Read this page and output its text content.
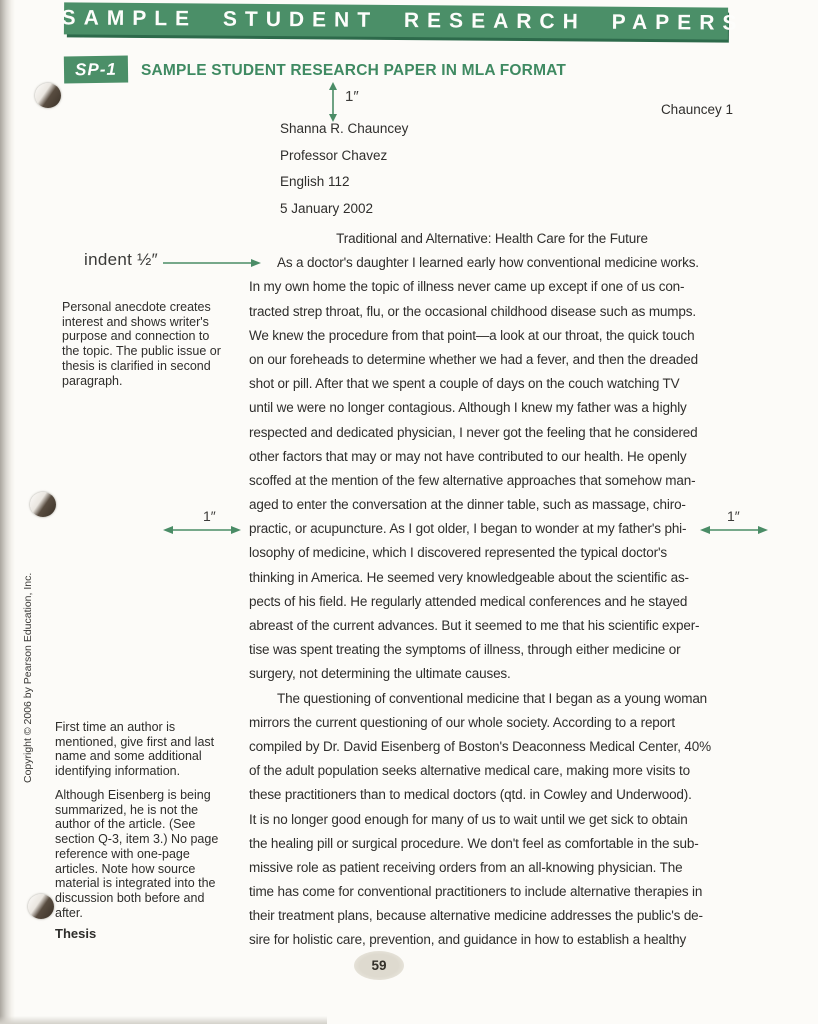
SAMPLE STUDENT RESEARCH PAPERS
SP-1	SAMPLE STUDENT RESEARCH PAPER IN MLA FORMAT
1″
Chauncey 1
Shanna R. Chauncey
Professor Chavez
English 112
5 January 2002
indent ½″
Personal anecdote creates interest and shows writer's purpose and connection to the topic. The public issue or thesis is clarified in second paragraph.
1″	1″
First time an author is mentioned, give first and last name and some additional identifying information.
Although Eisenberg is being summarized, he is not the author of the article. (See section Q-3, item 3.) No page reference with one-page articles. Note how source material is integrated into the discussion both before and after.
Thesis
Copyright © 2006 by Pearson Education, Inc.
Traditional and Alternative: Health Care for the Future
As a doctor's daughter I learned early how conventional medicine works.
In my own home the topic of illness never came up except if one of us con-
tracted strep throat, flu, or the occasional childhood disease such as mumps.
We knew the procedure from that point—a look at our throat, the quick touch
on our foreheads to determine whether we had a fever, and then the dreaded
shot or pill. After that we spent a couple of days on the couch watching TV
until we were no longer contagious. Although I knew my father was a highly
respected and dedicated physician, I never got the feeling that he considered
other factors that may or may not have contributed to our health. He openly
scoffed at the mention of the few alternative approaches that somehow man-
aged to enter the conversation at the dinner table, such as massage, chiro-
practic, or acupuncture. As I got older, I began to wonder at my father's phi-
losophy of medicine, which I discovered represented the typical doctor's
thinking in America. He seemed very knowledgeable about the scientific as-
pects of his field. He regularly attended medical conferences and he stayed
abreast of the current advances. But it seemed to me that his scientific exper-
tise was spent treating the symptoms of illness, through either medicine or
surgery, not determining the ultimate causes.
The questioning of conventional medicine that I began as a young woman
mirrors the current questioning of our whole society. According to a report
compiled by Dr. David Eisenberg of Boston's Deaconness Medical Center, 40%
of the adult population seeks alternative medical care, making more visits to
these practitioners than to medical doctors (qtd. in Cowley and Underwood).
It is no longer good enough for many of us to wait until we get sick to obtain
the healing pill or surgical procedure. We don't feel as comfortable in the sub-
missive role as patient receiving orders from an all-knowing physician. The
time has come for conventional practitioners to include alternative therapies in
their treatment plans, because alternative medicine addresses the public's de-
sire for holistic care, prevention, and guidance in how to establish a healthy
59
